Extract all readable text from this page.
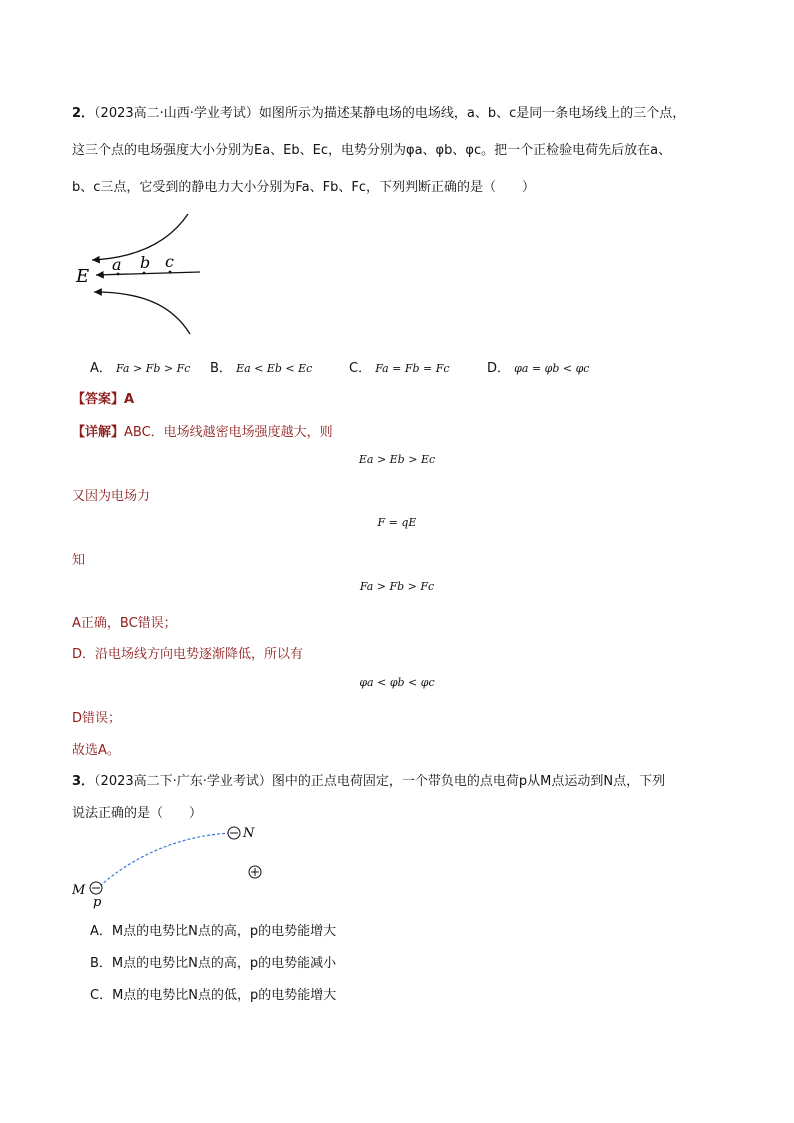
2．（2023高二·山西·学业考试）如图所示为描述某静电场的电场线，a、b、c是同一条电场线上的三个点，
这三个点的电场强度大小分别为Ea、Eb、Ec，电势分别为φa、φb、φc。把一个正检验电荷先后放在a、
b、c三点，它受到的静电力大小分别为Fa、Fb、Fc，下列判断正确的是（　　）
a b c
E
A． Fa > Fb > Fc B． Ea < Eb < Ec	C． Fa = Fb = Fc	D． φa = φb < φc
【答案】A
【详解】ABC．电场线越密电场强度越大，则
Ea > Eb > Ec
又因为电场力
F = qE
知
Fa > Fb > Fc
A正确，BC错误；
D．沿电场线方向电势逐渐降低，所以有
φa < φb < φc
D错误；
故选A。
3．（2023高二下·广东·学业考试）图中的正点电荷固定，一个带负电的点电荷p从M点运动到N点，下列
说法正确的是（　　）
M
N
p
A．M点的电势比N点的高，p的电势能增大
B．M点的电势比N点的高，p的电势能减小
C．M点的电势比N点的低，p的电势能增大
